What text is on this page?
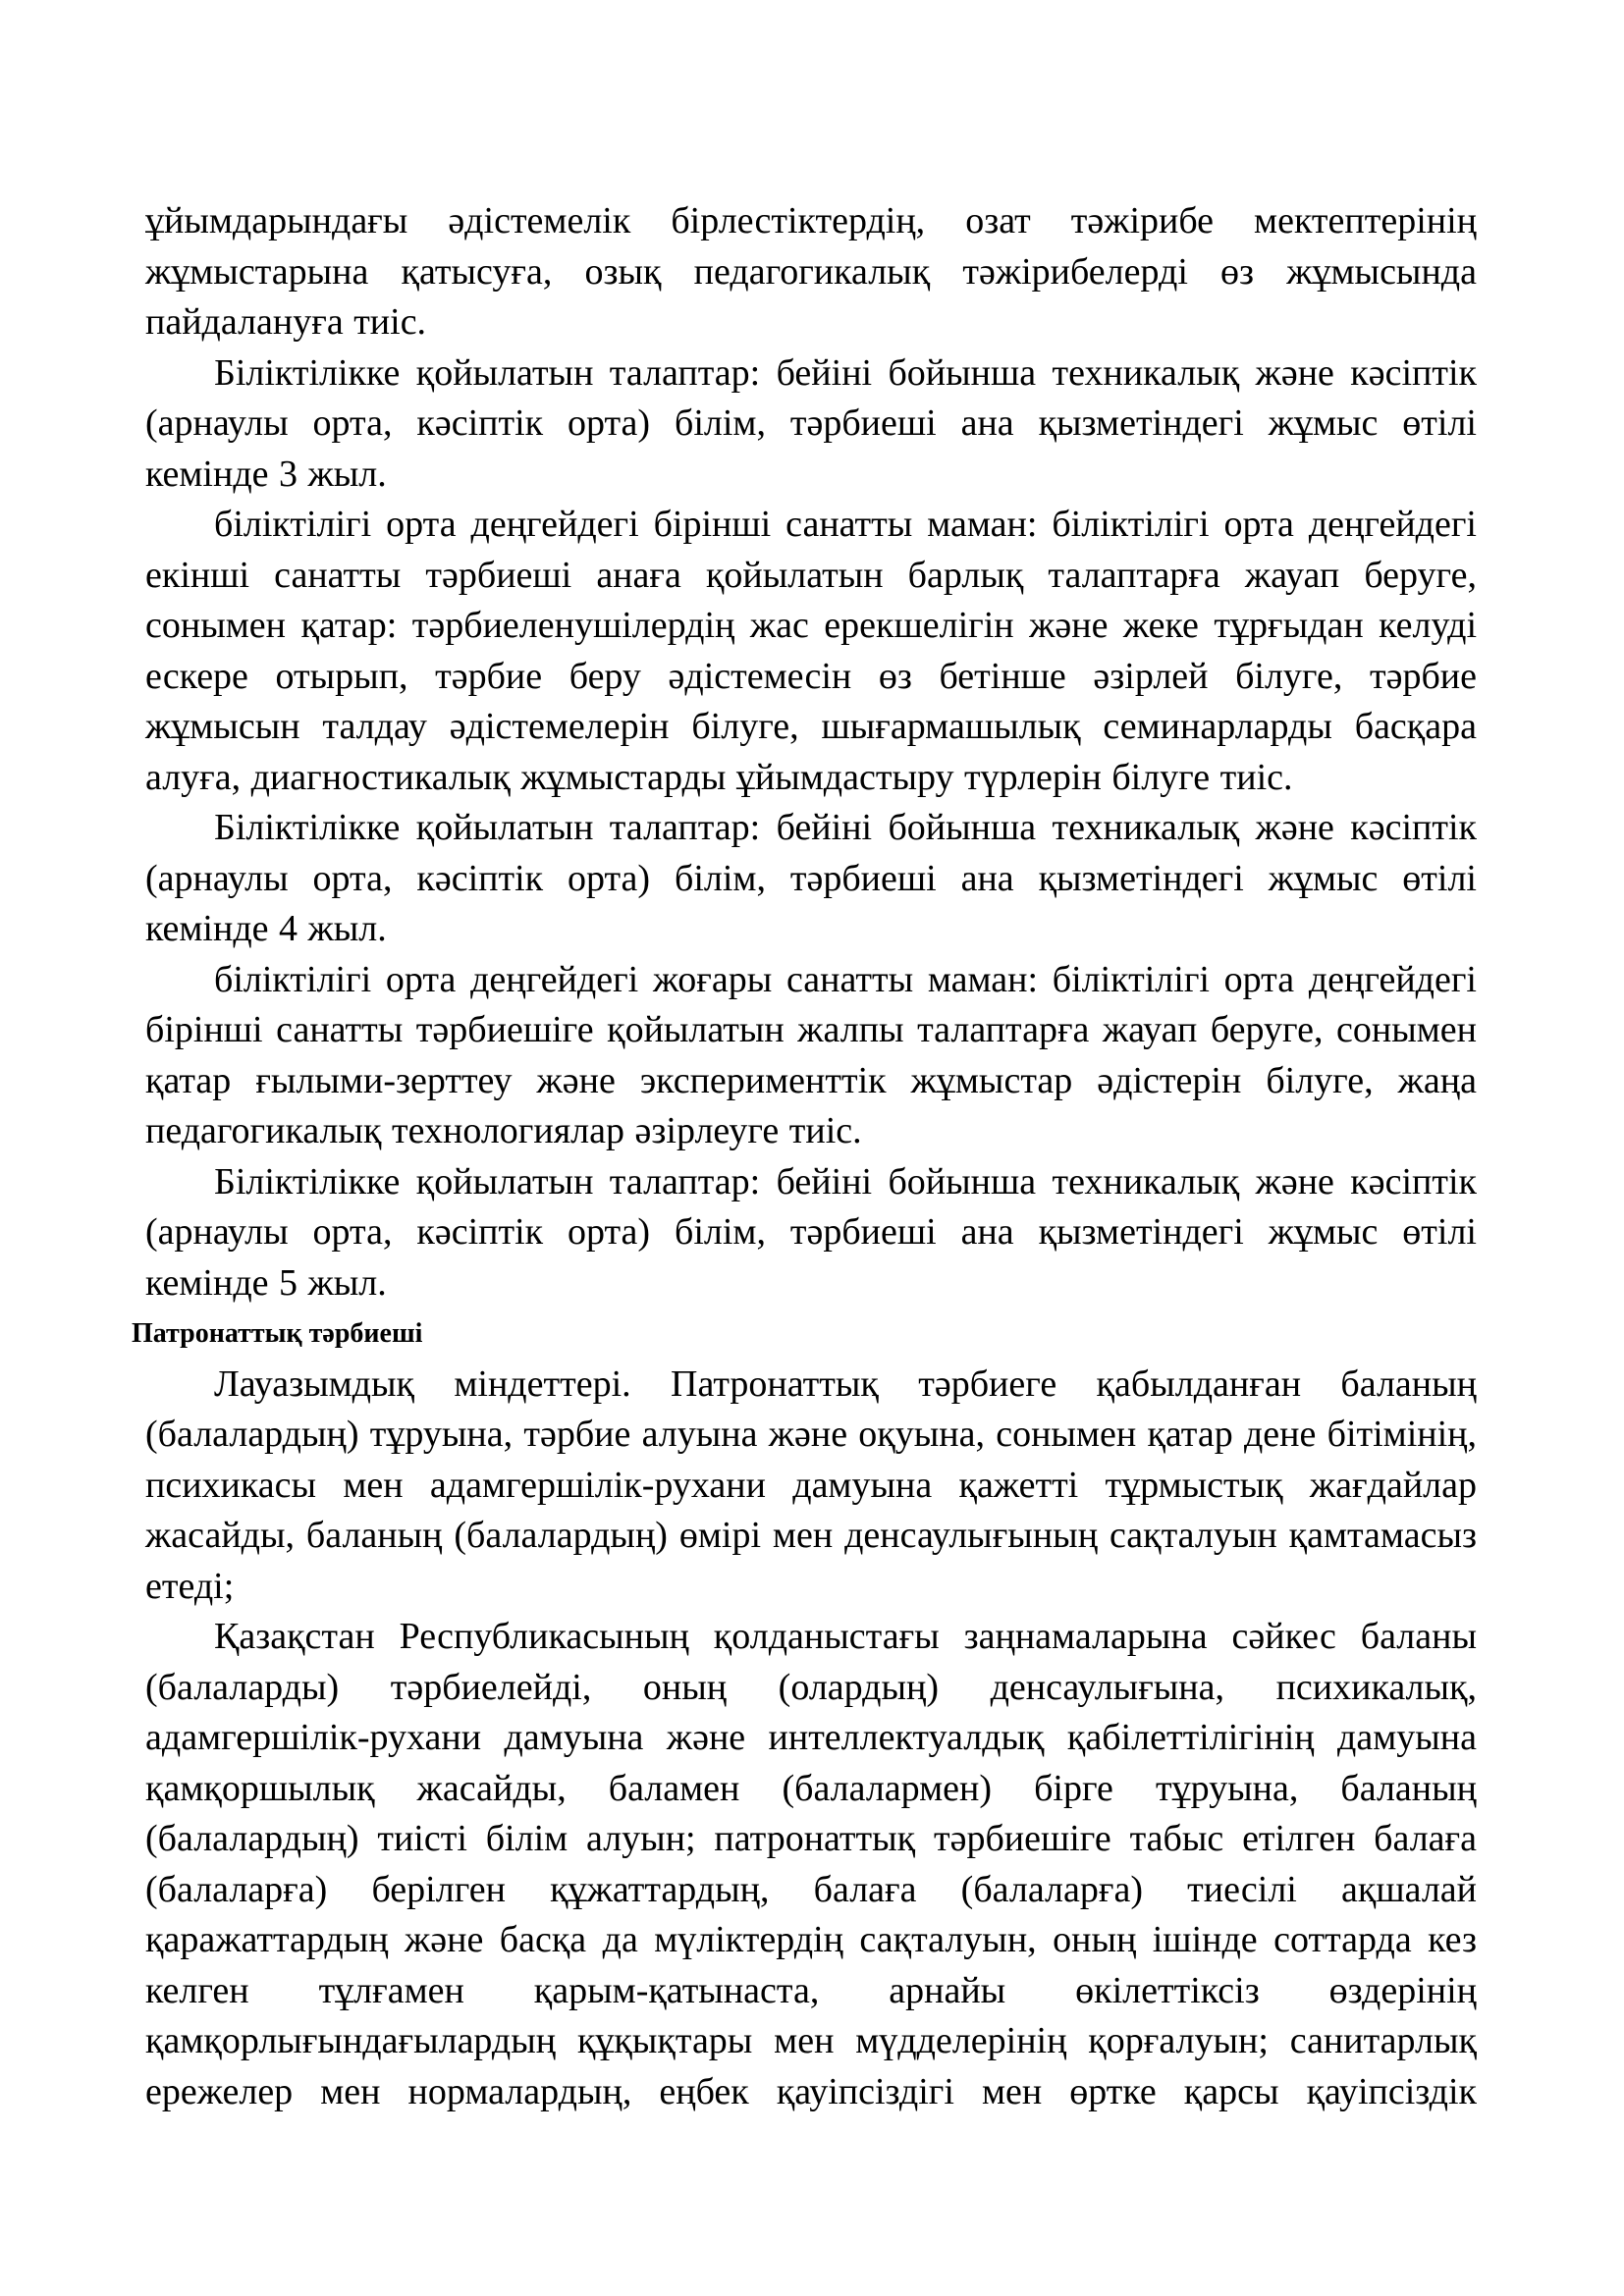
ұйымдарындағы әдістемелік бірлестіктердің, озат тәжірибе мектептерінің жұмыстарына қатысуға, озық педагогикалық тәжірибелерді өз жұмысында пайдалануға тиіс.

Біліктілікке қойылатын талаптар: бейіні бойынша техникалық және кәсіптік (арнаулы орта, кәсіптік орта) білім, тәрбиеші ана қызметіндегі жұмыс өтілі кемінде 3 жыл.

біліктілігі орта деңгейдегі бірінші санатты маман: біліктілігі орта деңгейдегі екінші санатты тәрбиеші анаға қойылатын барлық талаптарға жауап беруге, сонымен қатар: тәрбиеленушілердің жас ерекшелігін және жеке тұрғыдан келуді ескере отырып, тәрбие беру әдістемесін өз бетінше әзірлей білуге, тәрбие жұмысын талдау әдістемелерін білуге, шығармашылық семинарларды басқара алуға, диагностикалық жұмыстарды ұйымдастыру түрлерін білуге тиіс.

Біліктілікке қойылатын талаптар: бейіні бойынша техникалық және кәсіптік (арнаулы орта, кәсіптік орта) білім, тәрбиеші ана қызметіндегі жұмыс өтілі кемінде 4 жыл.

біліктілігі орта деңгейдегі жоғары санатты маман: біліктілігі орта деңгейдегі бірінші санатты тәрбиешіге қойылатын жалпы талаптарға жауап беруге, сонымен қатар ғылыми-зерттеу және эксперименттік жұмыстар әдістерін білуге, жаңа педагогикалық технологиялар әзірлеуге тиіс.

Біліктілікке қойылатын талаптар: бейіні бойынша техникалық және кәсіптік (арнаулы орта, кәсіптік орта) білім, тәрбиеші ана қызметіндегі жұмыс өтілі кемінде 5 жыл.

Патронаттық тәрбиеші

Лауазымдық міндеттері. Патронаттық тәрбиеге қабылданған баланың (балалардың) тұруына, тәрбие алуына және оқуына, сонымен қатар дене бітімінің, психикасы мен адамгершілік-рухани дамуына қажетті тұрмыстық жағдайлар жасайды, баланың (балалардың) өмірі мен денсаулығының сақталуын қамтамасыз етеді;

Қазақстан Республикасының қолданыстағы заңнамаларына сәйкес баланы (балаларды) тәрбиелейді, оның (олардың) денсаулығына, психикалық, адамгершілік-рухани дамуына және интеллектуалдық қабілеттілігінің дамуына қамқоршылық жасайды, баламен (балалармен) бірге тұруына, баланың (балалардың) тиісті білім алуын; патронаттық тәрбиешіге табыс етілген балаға (балаларға) берілген құжаттардың, балаға (балаларға) тиесілі ақшалай қаражаттардың және басқа да мүліктердің сақталуын, оның ішінде соттарда кез келген тұлғамен қарым-қатынаста, арнайы өкілеттіксіз өздерінің қамқорлығындағылардың құқықтары мен мүдделерінің қорғалуын; санитарлық ережелер мен нормалардың, еңбек қауіпсіздігі мен өртке қарсы қауіпсіздік
